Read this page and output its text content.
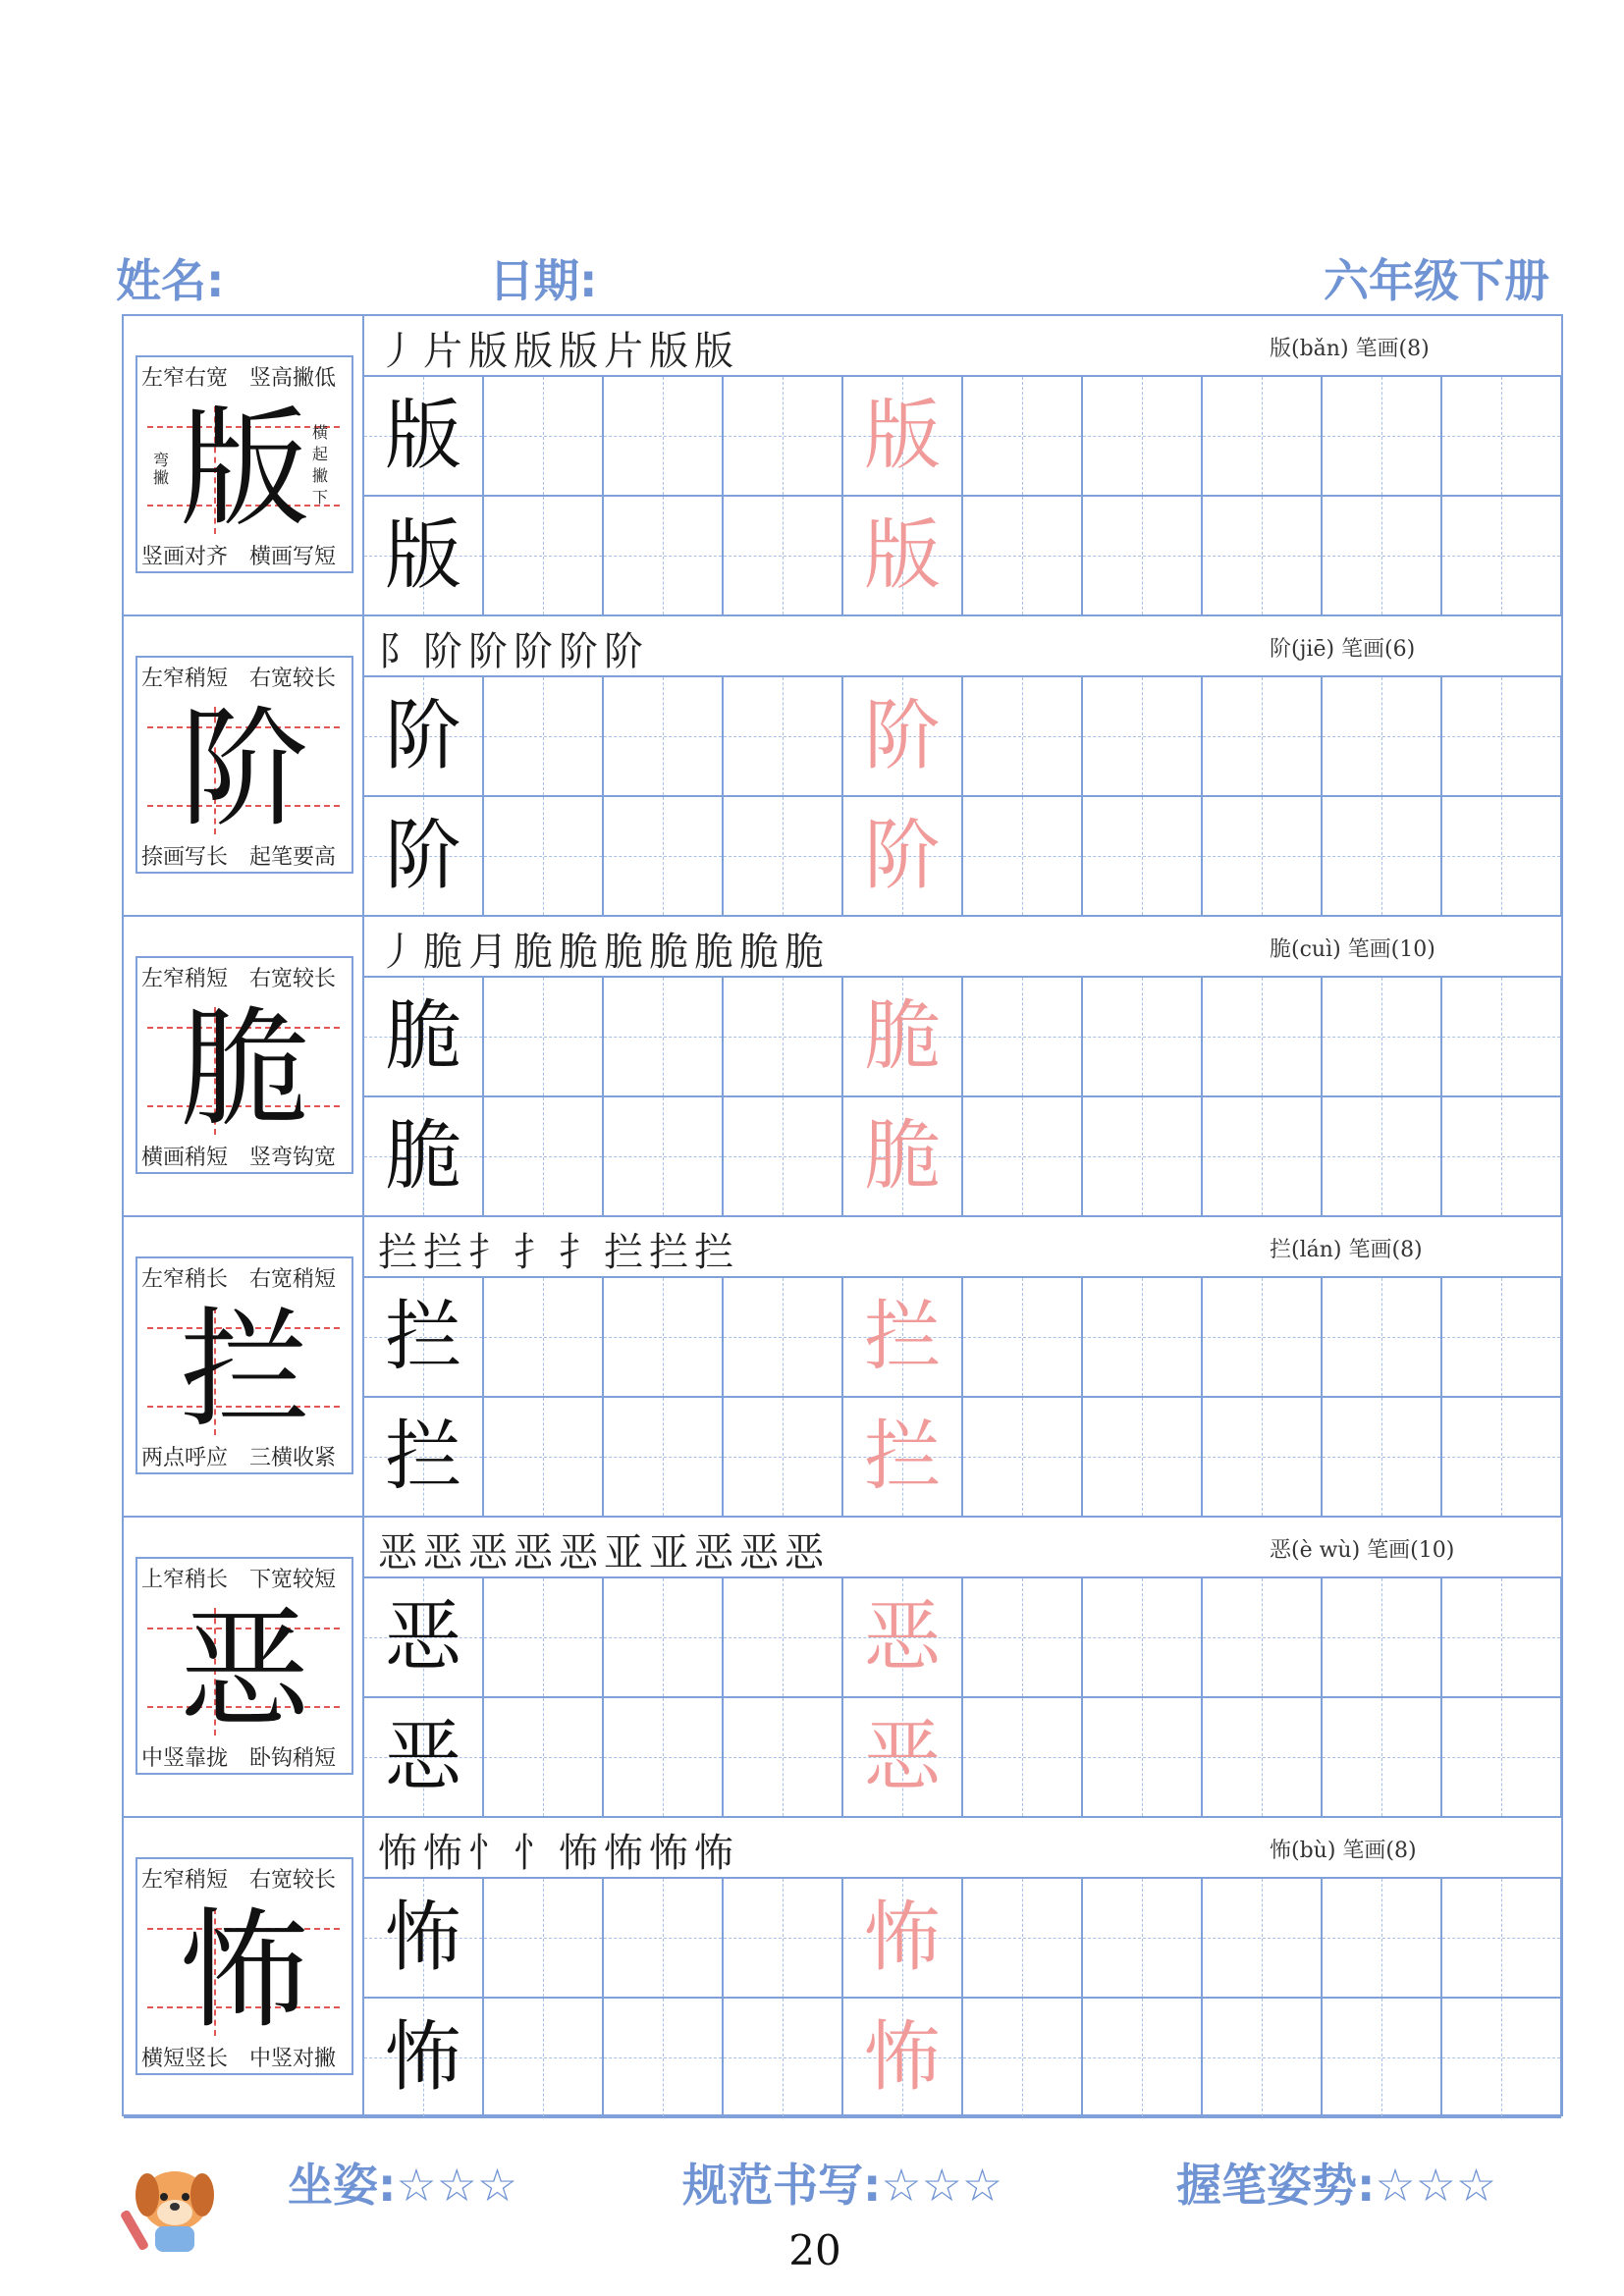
姓名:	日期:	六年级下册
左窄右宽 竖高撇低
竖画对齐 横画写短
版
弯撇
横起撇下
丿片版版版片版版	版(bǎn) 笔画(8)
版	版
版	版
左窄稍短 右宽较长
捺画写长 起笔要高
阶
阝阶阶阶阶阶	阶(jiē) 笔画(6)
阶	阶
阶	阶
左窄稍短 右宽较长
横画稍短 竖弯钩宽
脆
丿脆月脆脆脆脆脆脆脆	脆(cuì) 笔画(10)
脆	脆
脆	脆
左窄稍长 右宽稍短
两点呼应 三横收紧
拦
拦拦扌扌扌拦拦拦	拦(lán) 笔画(8)
拦	拦
拦	拦
上窄稍长 下宽较短
中竖靠拢 卧钩稍短
恶
恶恶恶恶恶亚亚恶恶恶	恶(è wù) 笔画(10)
恶	恶
恶	恶
左窄稍短 右宽较长
横短竖长 中竖对撇
怖
怖怖忄忄怖怖怖怖	怖(bù) 笔画(8)
怖	怖
怖	怖
坐姿:☆☆☆	规范书写:☆☆☆	握笔姿势:☆☆☆
20
